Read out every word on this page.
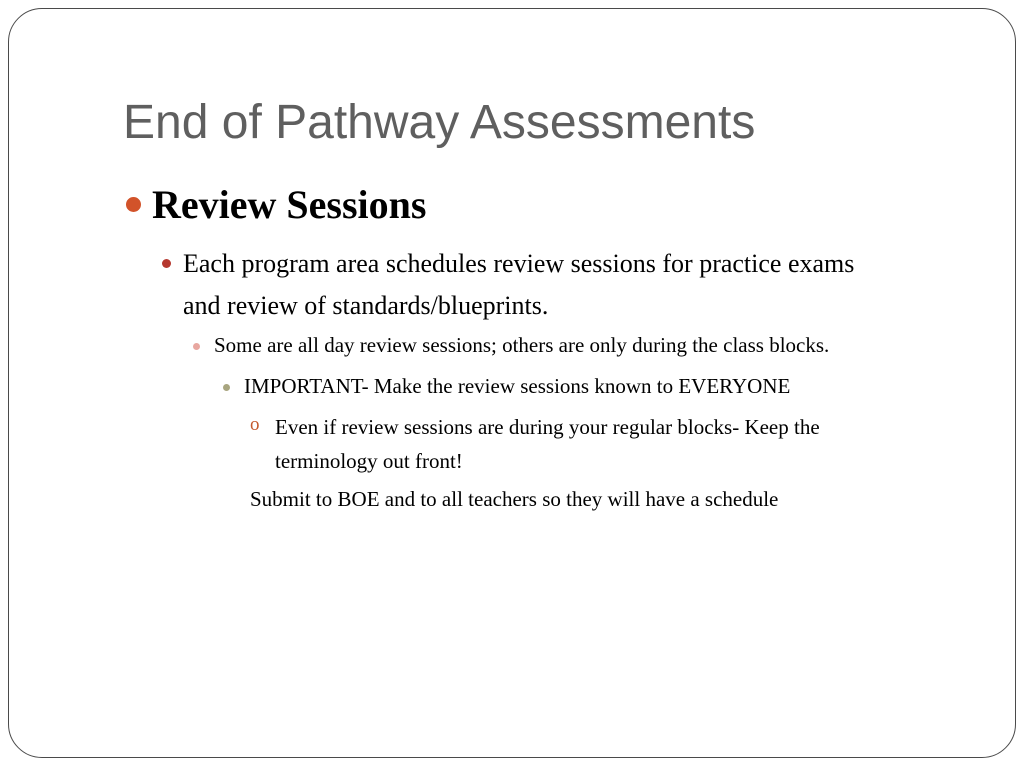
End of Pathway Assessments
Review Sessions
Each program area schedules review sessions for practice exams
and review of standards/blueprints.
Some are all day review sessions; others are only during the class blocks.
IMPORTANT- Make the review sessions known to EVERYONE
o Even if review sessions are during your regular blocks- Keep the
terminology out front!
Submit to BOE and to all teachers so they will have a schedule
